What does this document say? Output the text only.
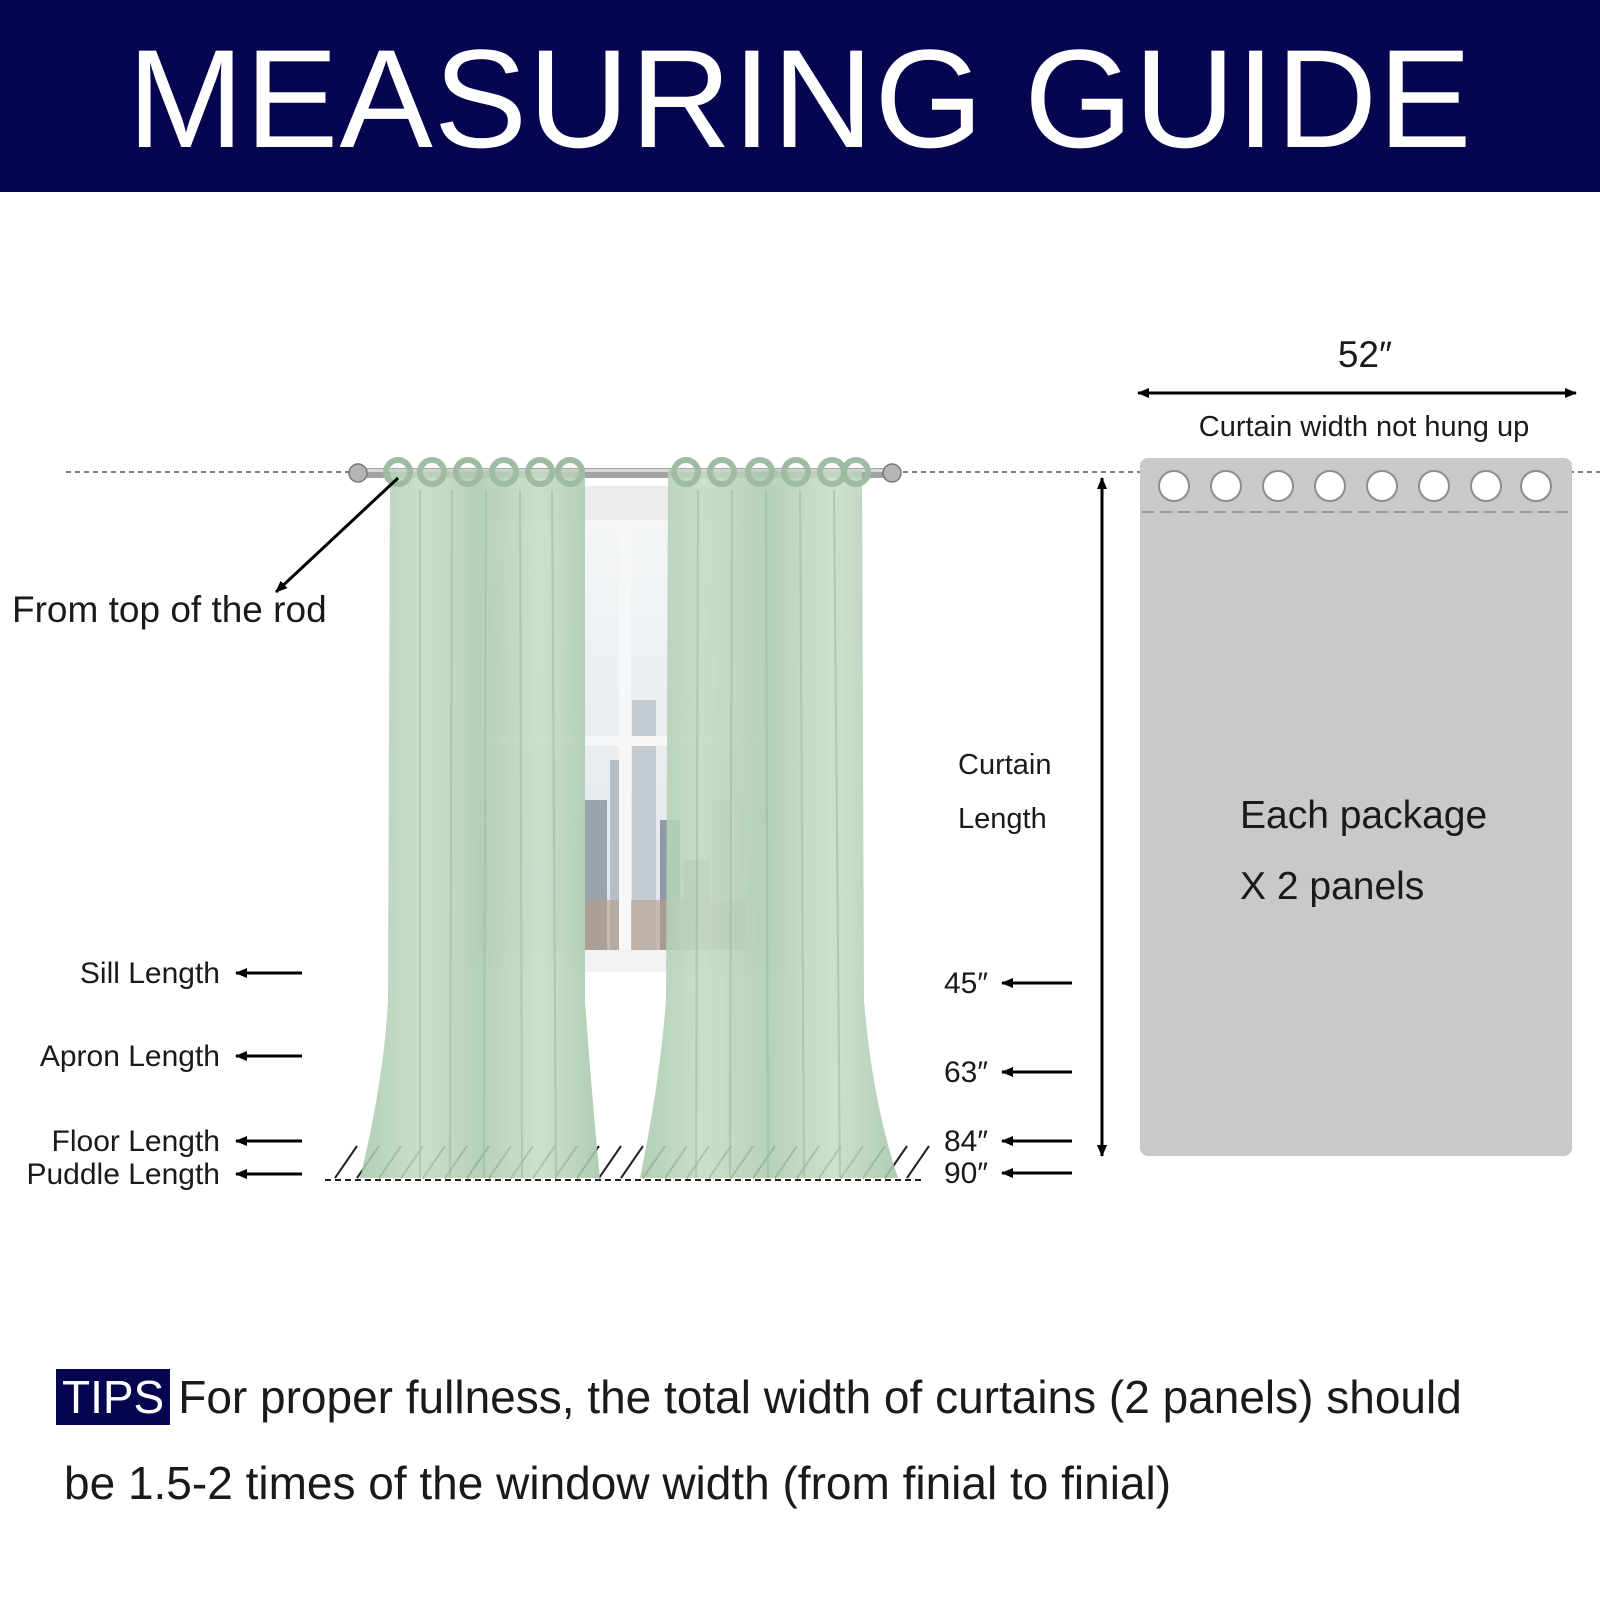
MEASURING GUIDE
From top of the rod
Sill Length	45″
Apron Length	63″
Floor Length	84″
Puddle Length	90″
Curtain
Length
52″
Curtain width not hung up
Each package
X 2 panels
TIPS For proper fullness, the total width of curtains (2 panels) should
be 1.5-2 times of the window width (from finial to finial)
